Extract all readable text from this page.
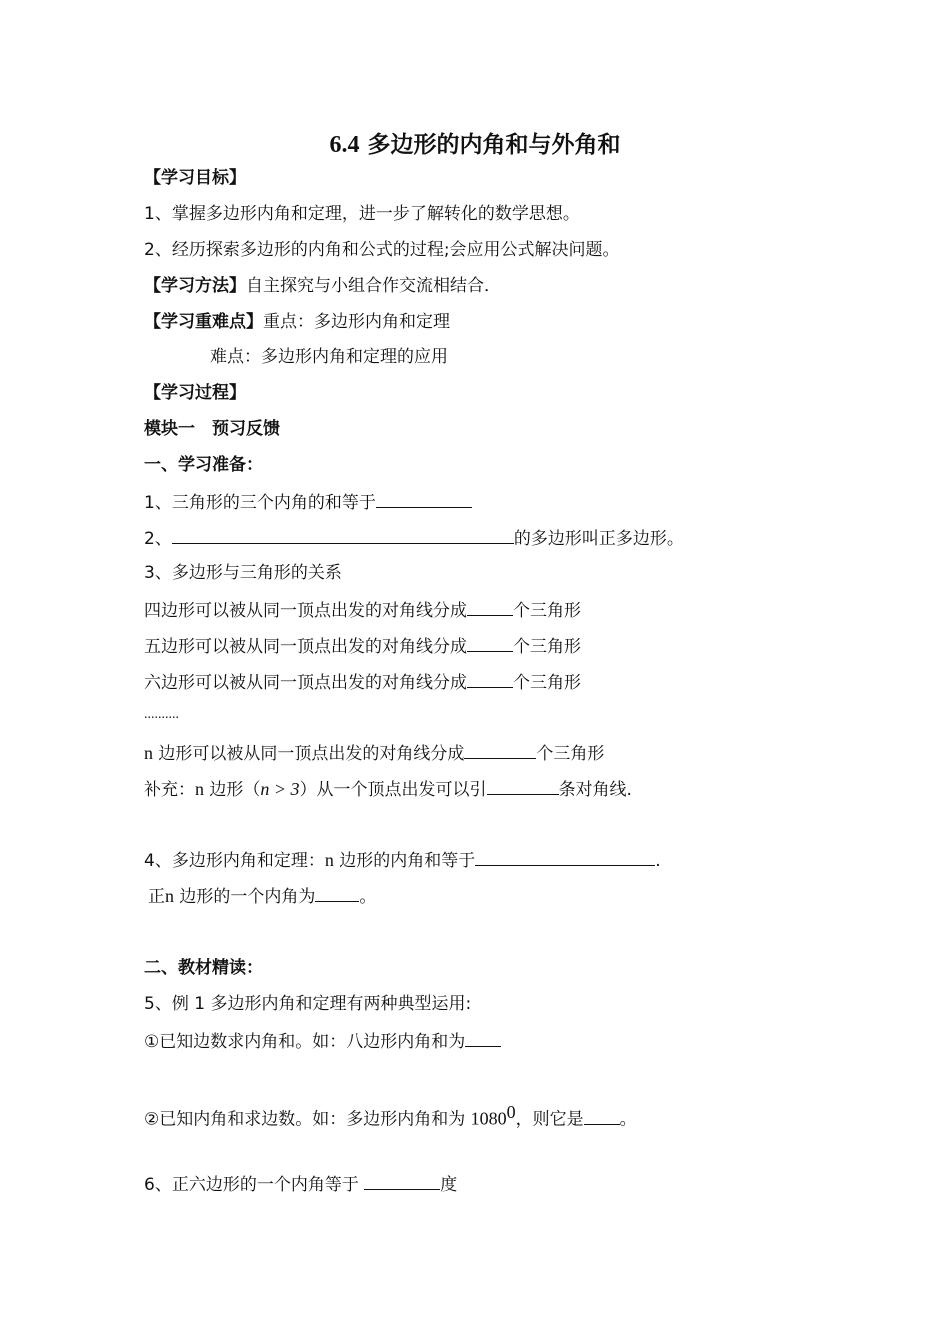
6.4 多边形的内角和与外角和
【学习目标】
1、掌握多边形内角和定理，进一步了解转化的数学思想。
2、经历探索多边形的内角和公式的过程;会应用公式解决问题。
【学习方法】自主探究与小组合作交流相结合．
【学习重难点】重点：多边形内角和定理
难点：多边形内角和定理的应用
【学习过程】
模块一　预习反馈
一、学习准备：
1、三角形的三个内角的和等于
2、	的多边形叫正多边形。
3、多边形与三角形的关系
四边形可以被从同一顶点出发的对角线分成	个三角形
五边形可以被从同一顶点出发的对角线分成	个三角形
六边形可以被从同一顶点出发的对角线分成	个三角形
..........
n 边形可以被从同一顶点出发的对角线分成	个三角形
补充：n 边形（n > 3）从一个顶点出发可以引	条对角线.
4、多边形内角和定理：n 边形的内角和等于	.
正n 边形的一个内角为	。
二、教材精读：
5、例 1 多边形内角和定理有两种典型运用:
①已知边数求内角和。如：八边形内角和为
②已知内角和求边数。如：多边形内角和为 1080$^0$，则它是 。
6、正六边形的一个内角等于	度
